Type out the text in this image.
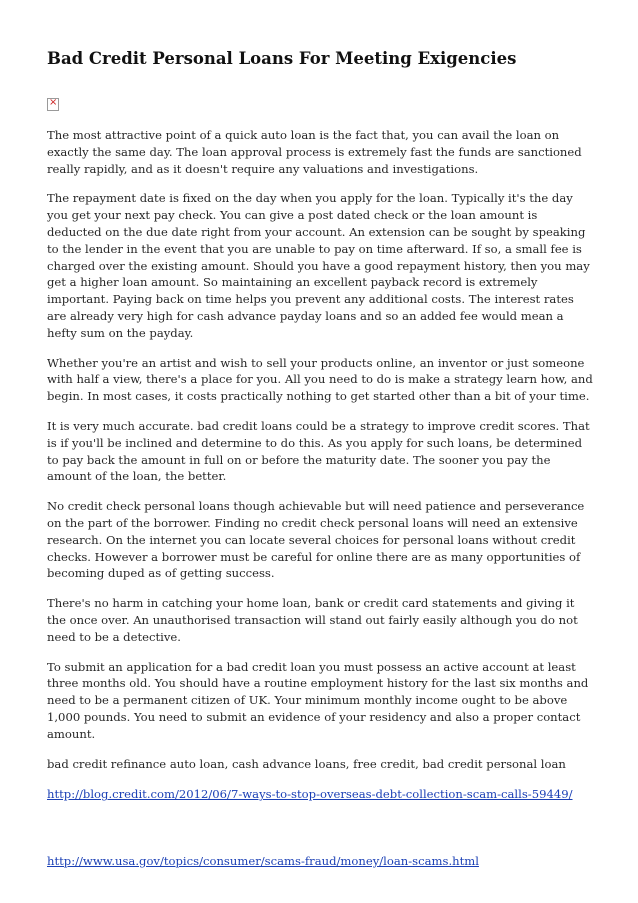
Bad Credit Personal Loans For Meeting Exigencies
×

The most attractive point of a quick auto loan is the fact that, you can avail the loan on exactly the same day. The loan approval process is extremely fast the funds are sanctioned really rapidly, and as it doesn't require any valuations and investigations.

The repayment date is fixed on the day when you apply for the loan. Typically it's the day you get your next pay check. You can give a post dated check or the loan amount is deducted on the due date right from your account. An extension can be sought by speaking to the lender in the event that you are unable to pay on time afterward. If so, a small fee is charged over the existing amount. Should you have a good repayment history, then you may get a higher loan amount. So maintaining an excellent payback record is extremely important. Paying back on time helps you prevent any additional costs. The interest rates are already very high for cash advance payday loans and so an added fee would mean a hefty sum on the payday.

Whether you're an artist and wish to sell your products online, an inventor or just someone with half a view, there's a place for you. All you need to do is make a strategy learn how, and begin. In most cases, it costs practically nothing to get started other than a bit of your time.

It is very much accurate. bad credit loans could be a strategy to improve credit scores. That is if you'll be inclined and determine to do this. As you apply for such loans, be determined to pay back the amount in full on or before the maturity date. The sooner you pay the amount of the loan, the better.

No credit check personal loans though achievable but will need patience and perseverance on the part of the borrower. Finding no credit check personal loans will need an extensive research. On the internet you can locate several choices for personal loans without credit checks. However a borrower must be careful for online there are as many opportunities of becoming duped as of getting success.

There's no harm in catching your home loan, bank or credit card statements and giving it the once over. An unauthorised transaction will stand out fairly easily although you do not need to be a detective.

To submit an application for a bad credit loan you must possess an active account at least three months old. You should have a routine employment history for the last six months and need to be a permanent citizen of UK. Your minimum monthly income ought to be above 1,000 pounds. You need to submit an evidence of your residency and also a proper contact amount.

bad credit refinance auto loan, cash advance loans, free credit, bad credit personal loan

http://blog.credit.com/2012/06/7-ways-to-stop-overseas-debt-collection-scam-calls-59449/
http://www.usa.gov/topics/consumer/scams-fraud/money/loan-scams.html
